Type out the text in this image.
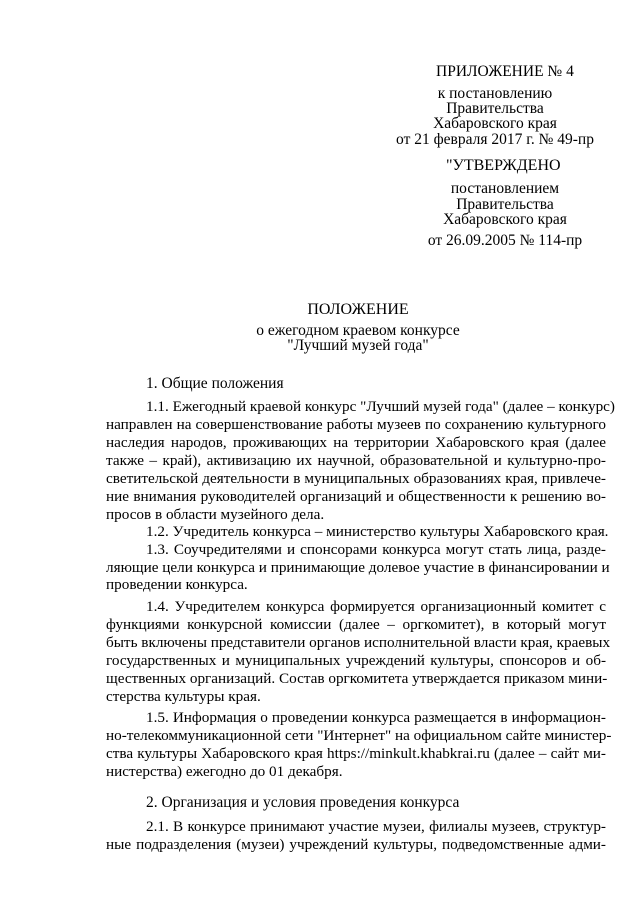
ПРИЛОЖЕНИЕ № 4
к постановлению
Правительства
Хабаровского края
от 21 февраля 2017 г. № 49-пр
"УТВЕРЖДЕНО
постановлением
Правительства
Хабаровского края
от 26.09.2005 № 114-пр
ПОЛОЖЕНИЕ
о ежегодном краевом конкурсе
"Лучший музей года"
1. Общие положения
1.1. Ежегодный краевой конкурс "Лучший музей года" (далее – конкурс)
направлен на совершенствование работы музеев по сохранению культурного
наследия народов, проживающих на территории Хабаровского края (далее
также – край), активизацию их научной, образовательной и культурно-про-
светительской деятельности в муниципальных образованиях края, привлече-
ние внимания руководителей организаций и общественности к решению во-
просов в области музейного дела.
1.2. Учредитель конкурса – министерство культуры Хабаровского края.
1.3. Соучредителями и спонсорами конкурса могут стать лица, разде-
ляющие цели конкурса и принимающие долевое участие в финансировании и
проведении конкурса.
1.4. Учредителем конкурса формируется организационный комитет с
функциями конкурсной комиссии (далее – оргкомитет), в который могут
быть включены представители органов исполнительной власти края, краевых
государственных и муниципальных учреждений культуры, спонсоров и об-
щественных организаций. Состав оргкомитета утверждается приказом мини-
стерства культуры края.
1.5. Информация о проведении конкурса размещается в информацион-
но-телекоммуникационной сети "Интернет" на официальном сайте министер-
ства культуры Хабаровского края https://minkult.khabkrai.ru (далее – сайт ми-
нистерства) ежегодно до 01 декабря.
2. Организация и условия проведения конкурса
2.1. В конкурсе принимают участие музеи, филиалы музеев, структур-
ные подразделения (музеи) учреждений культуры, подведомственные адми-
